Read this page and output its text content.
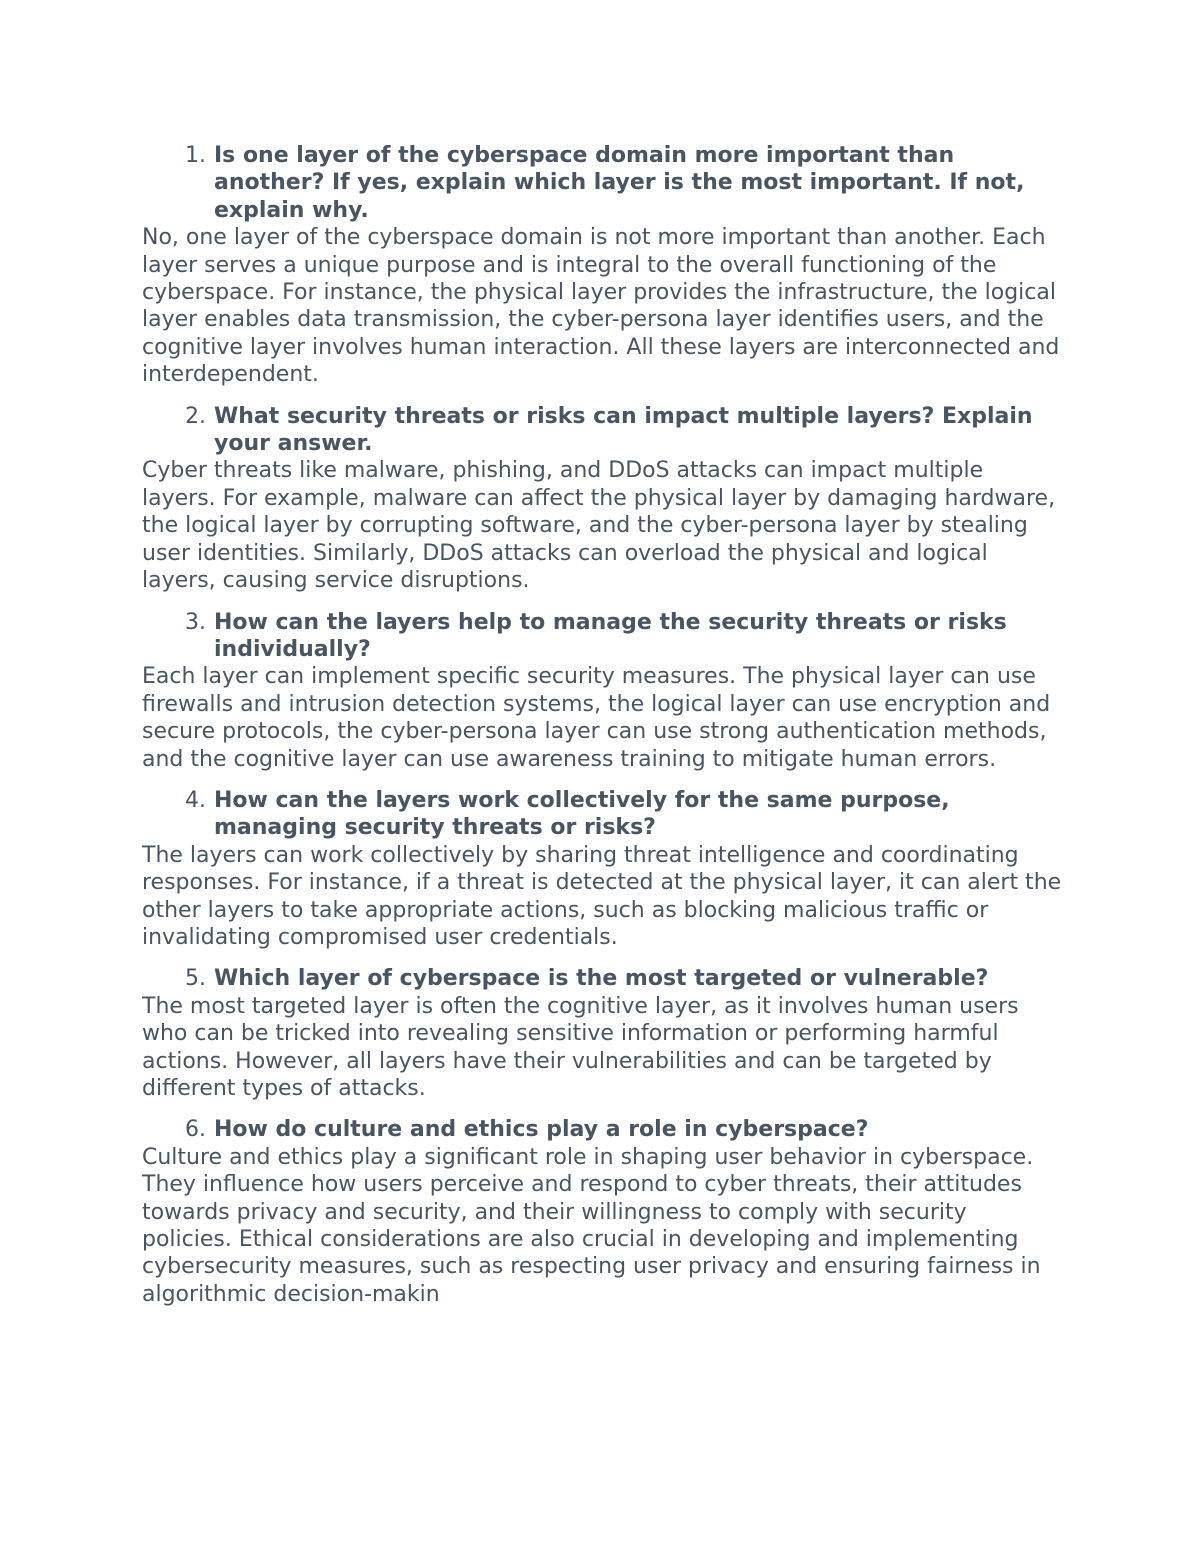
1. Is one layer of the cyberspace domain more important than another? If yes, explain which layer is the most important. If not, explain why.

No, one layer of the cyberspace domain is not more important than another. Each layer serves a unique purpose and is integral to the overall functioning of the cyberspace. For instance, the physical layer provides the infrastructure, the logical layer enables data transmission, the cyber-persona layer identifies users, and the cognitive layer involves human interaction. All these layers are interconnected and interdependent.

2. What security threats or risks can impact multiple layers? Explain your answer.

Cyber threats like malware, phishing, and DDoS attacks can impact multiple layers. For example, malware can affect the physical layer by damaging hardware, the logical layer by corrupting software, and the cyber-persona layer by stealing user identities. Similarly, DDoS attacks can overload the physical and logical layers, causing service disruptions.

3. How can the layers help to manage the security threats or risks individually?

Each layer can implement specific security measures. The physical layer can use firewalls and intrusion detection systems, the logical layer can use encryption and secure protocols, the cyber-persona layer can use strong authentication methods, and the cognitive layer can use awareness training to mitigate human errors.

4. How can the layers work collectively for the same purpose, managing security threats or risks?

The layers can work collectively by sharing threat intelligence and coordinating responses. For instance, if a threat is detected at the physical layer, it can alert the other layers to take appropriate actions, such as blocking malicious traffic or invalidating compromised user credentials.

5. Which layer of cyberspace is the most targeted or vulnerable?

The most targeted layer is often the cognitive layer, as it involves human users who can be tricked into revealing sensitive information or performing harmful actions. However, all layers have their vulnerabilities and can be targeted by different types of attacks.

6. How do culture and ethics play a role in cyberspace?

Culture and ethics play a significant role in shaping user behavior in cyberspace. They influence how users perceive and respond to cyber threats, their attitudes towards privacy and security, and their willingness to comply with security policies. Ethical considerations are also crucial in developing and implementing cybersecurity measures, such as respecting user privacy and ensuring fairness in algorithmic decision-makin
